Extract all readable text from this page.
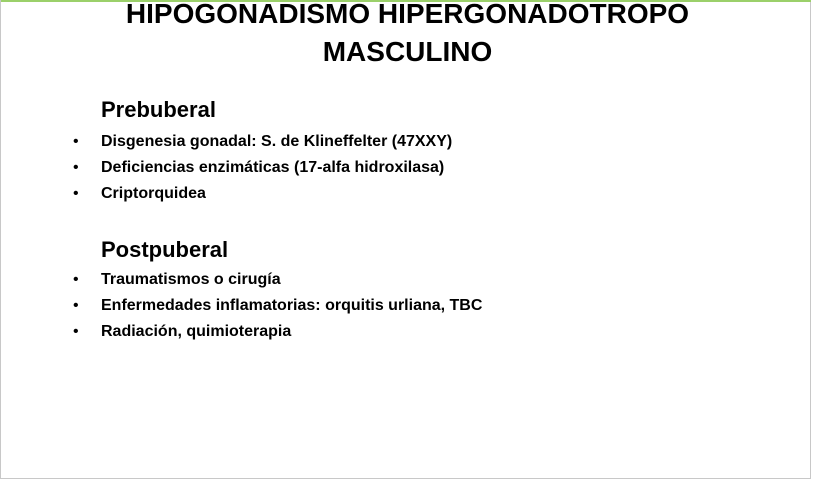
HIPOGONADISMO HIPERGONADOTROPO
MASCULINO
Prebuberal
• Disgenesia gonadal: S. de Klineffelter (47XXY)
• Deficiencias enzimáticas (17-alfa hidroxilasa)
• Criptorquidea
Postpuberal
• Traumatismos o cirugía
• Enfermedades inflamatorias: orquitis urliana, TBC
• Radiación, quimioterapia
